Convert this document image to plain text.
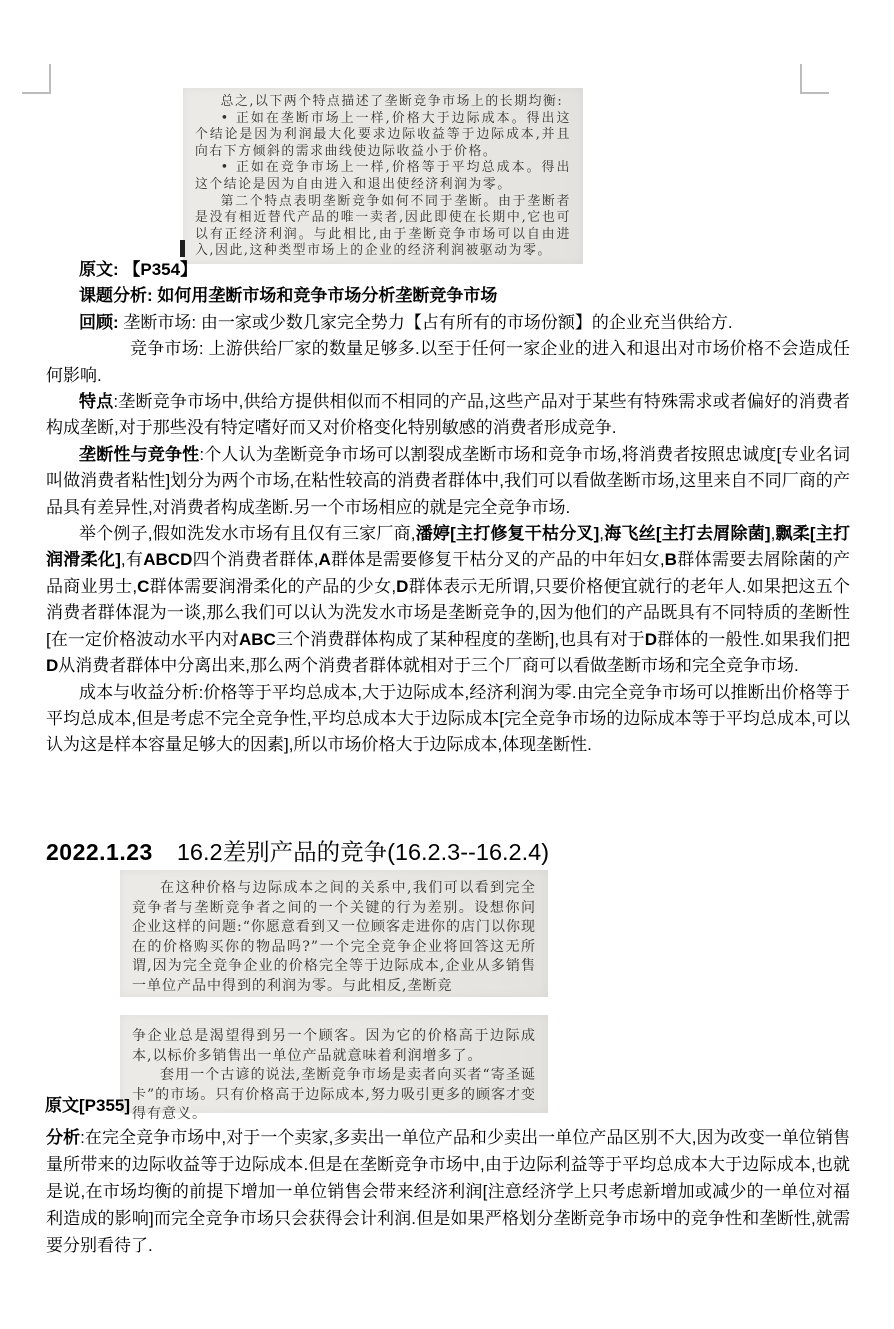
总之,以下两个特点描述了垄断竞争市场上的长期均衡:

• 正如在垄断市场上一样,价格大于边际成本。得出这个结论是因为利润最大化要求边际收益等于边际成本,并且向右下方倾斜的需求曲线使边际收益小于价格。

• 正如在竞争市场上一样,价格等于平均总成本。得出这个结论是因为自由进入和退出使经济利润为零。

第二个特点表明垄断竞争如何不同于垄断。由于垄断者是没有相近替代产品的唯一卖者,因此即使在长期中,它也可以有正经济利润。与此相比,由于垄断竞争市场可以自由进入,因此,这种类型市场上的企业的经济利润被驱动为零。

原文: 【P354】

课题分析: 如何用垄断市场和竞争市场分析垄断竞争市场

回顾: 垄断市场: 由一家或少数几家完全势力【占有所有的市场份额】的企业充当供给方.

竞争市场: 上游供给厂家的数量足够多.以至于任何一家企业的进入和退出对市场价格不会造成任何影响.

特点:垄断竞争市场中,供给方提供相似而不相同的产品,这些产品对于某些有特殊需求或者偏好的消费者构成垄断,对于那些没有特定嗜好而又对价格变化特别敏感的消费者形成竞争.

垄断性与竞争性:个人认为垄断竞争市场可以割裂成垄断市场和竞争市场,将消费者按照忠诚度[专业名词叫做消费者粘性]划分为两个市场,在粘性较高的消费者群体中,我们可以看做垄断市场,这里来自不同厂商的产品具有差异性,对消费者构成垄断.另一个市场相应的就是完全竞争市场.

举个例子,假如洗发水市场有且仅有三家厂商,潘婷[主打修复干枯分叉],海飞丝[主打去屑除菌],飘柔[主打润滑柔化],有ABCD四个消费者群体,A群体是需要修复干枯分叉的产品的中年妇女,B群体需要去屑除菌的产品商业男士,C群体需要润滑柔化的产品的少女,D群体表示无所谓,只要价格便宜就行的老年人.如果把这五个消费者群体混为一谈,那么我们可以认为洗发水市场是垄断竞争的,因为他们的产品既具有不同特质的垄断性[在一定价格波动水平内对ABC三个消费群体构成了某种程度的垄断],也具有对于D群体的一般性.如果我们把D从消费者群体中分离出来,那么两个消费者群体就相对于三个厂商可以看做垄断市场和完全竞争市场.

成本与收益分析:价格等于平均总成本,大于边际成本,经济利润为零.由完全竞争市场可以推断出价格等于平均总成本,但是考虑不完全竞争性,平均总成本大于边际成本[完全竞争市场的边际成本等于平均总成本,可以认为这是样本容量足够大的因素],所以市场价格大于边际成本,体现垄断性.

2022.1.23 16.2差别产品的竞争(16.2.3--16.2.4)

在这种价格与边际成本之间的关系中,我们可以看到完全竞争者与垄断竞争者之间的一个关键的行为差别。设想你问企业这样的问题:“你愿意看到又一位顾客走进你的店门以你现在的价格购买你的物品吗?”一个完全竞争企业将回答这无所谓,因为完全竞争企业的价格完全等于边际成本,企业从多销售一单位产品中得到的利润为零。与此相反,垄断竞

争企业总是渴望得到另一个顾客。因为它的价格高于边际成本,以标价多销售出一单位产品就意味着利润增多了。

套用一个古谚的说法,垄断竞争市场是卖者向买者“寄圣诞卡”的市场。只有价格高于边际成本,努力吸引更多的顾客才变得有意义。

原文[P355]

分析:在完全竞争市场中,对于一个卖家,多卖出一单位产品和少卖出一单位产品区别不大,因为改变一单位销售量所带来的边际收益等于边际成本.但是在垄断竞争市场中,由于边际利益等于平均总成本大于边际成本,也就是说,在市场均衡的前提下增加一单位销售会带来经济利润[注意经济学上只考虑新增加或减少的一单位对福利造成的影响]而完全竞争市场只会获得会计利润.但是如果严格划分垄断竞争市场中的竞争性和垄断性,就需要分别看待了.
